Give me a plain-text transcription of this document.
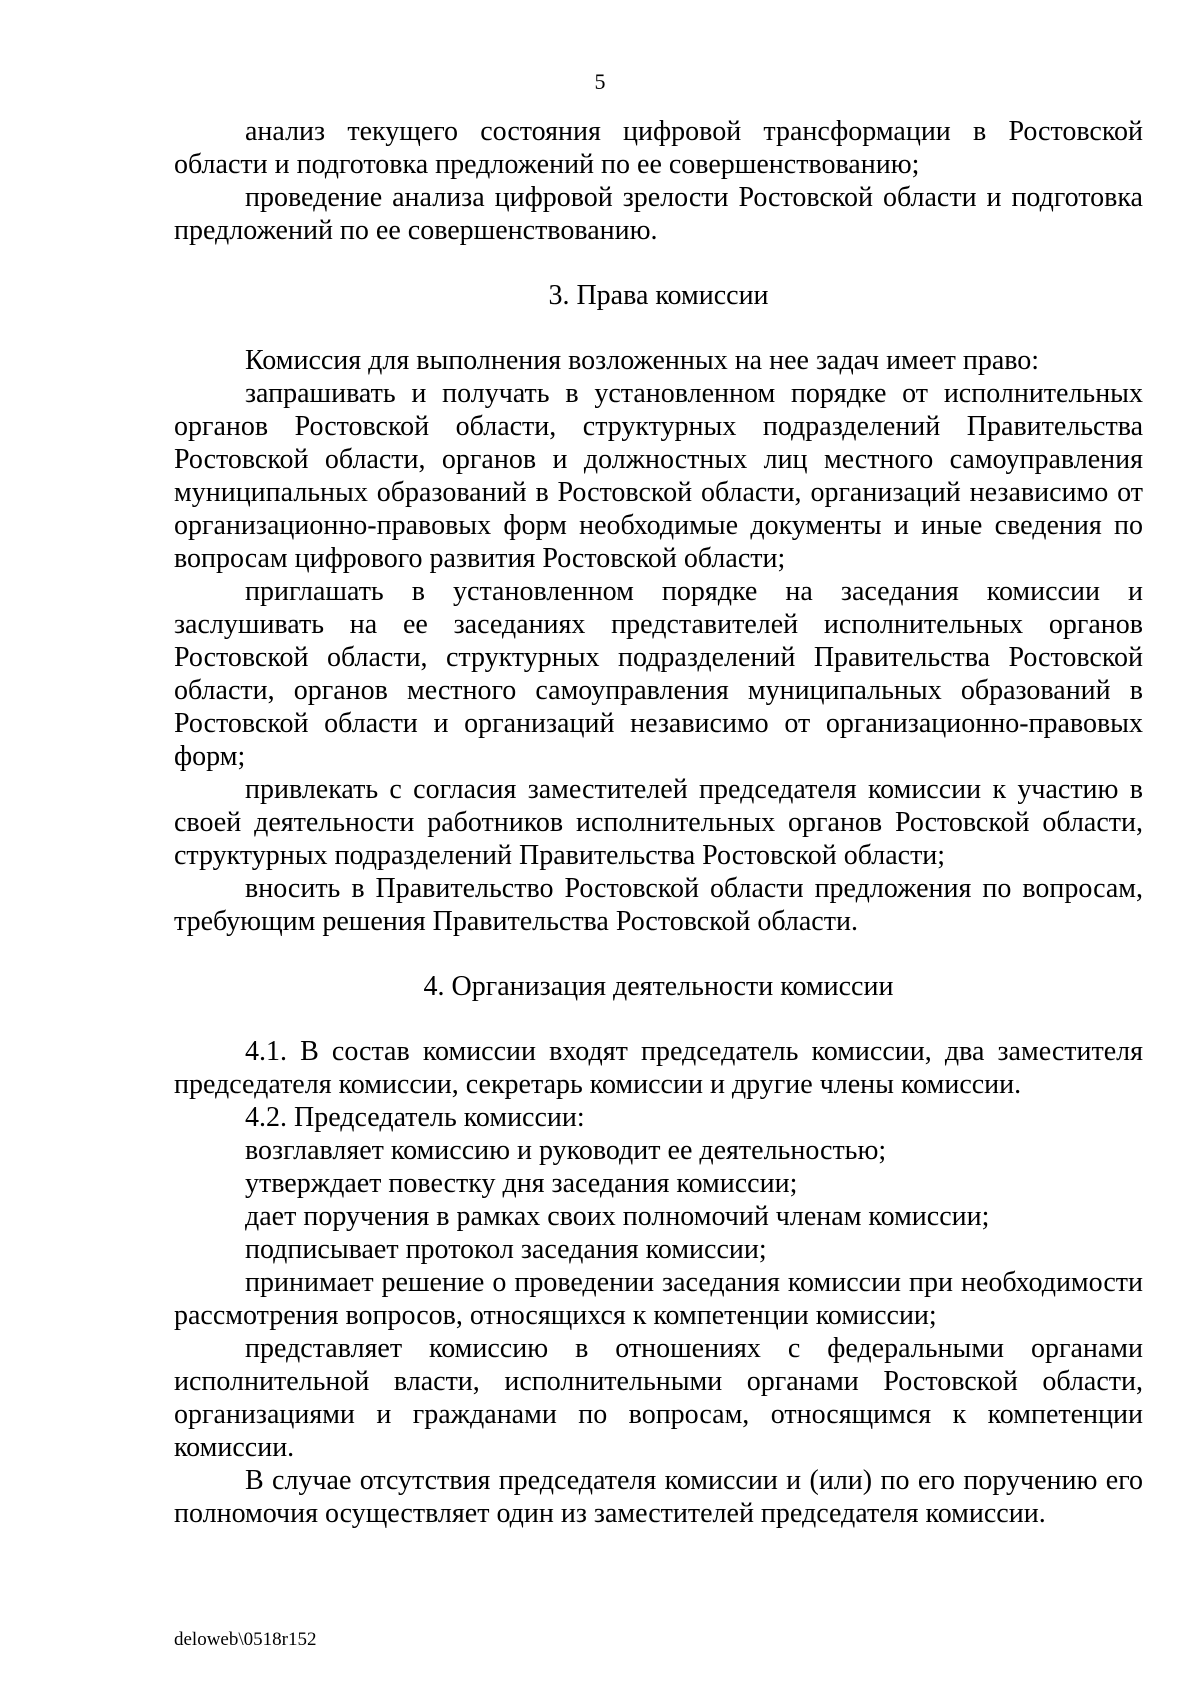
5

анализ текущего состояния цифровой трансформации в Ростовской области и подготовка предложений по ее совершенствованию;

проведение анализа цифровой зрелости Ростовской области и подготовка предложений по ее совершенствованию.

3. Права комиссии

Комиссия для выполнения возложенных на нее задач имеет право:

запрашивать и получать в установленном порядке от исполнительных органов Ростовской области, структурных подразделений Правительства Ростовской области, органов и должностных лиц местного самоуправления муниципальных образований в Ростовской области, организаций независимо от организационно-правовых форм необходимые документы и иные сведения по вопросам цифрового развития Ростовской области;

приглашать в установленном порядке на заседания комиссии и заслушивать на ее заседаниях представителей исполнительных органов Ростовской области, структурных подразделений Правительства Ростовской области, органов местного самоуправления муниципальных образований в Ростовской области и организаций независимо от организационно-правовых форм;

привлекать с согласия заместителей председателя комиссии к участию в своей деятельности работников исполнительных органов Ростовской области, структурных подразделений Правительства Ростовской области;

вносить в Правительство Ростовской области предложения по вопросам, требующим решения Правительства Ростовской области.

4. Организация деятельности комиссии

4.1. В состав комиссии входят председатель комиссии, два заместителя председателя комиссии, секретарь комиссии и другие члены комиссии.

4.2. Председатель комиссии:

возглавляет комиссию и руководит ее деятельностью;

утверждает повестку дня заседания комиссии;

дает поручения в рамках своих полномочий членам комиссии;

подписывает протокол заседания комиссии;

принимает решение о проведении заседания комиссии при необходимости рассмотрения вопросов, относящихся к компетенции комиссии;

представляет комиссию в отношениях с федеральными органами исполнительной власти, исполнительными органами Ростовской области, организациями и гражданами по вопросам, относящимся к компетенции комиссии.

В случае отсутствия председателя комиссии и (или) по его поручению его полномочия осуществляет один из заместителей председателя комиссии.

deloweb\0518r152
